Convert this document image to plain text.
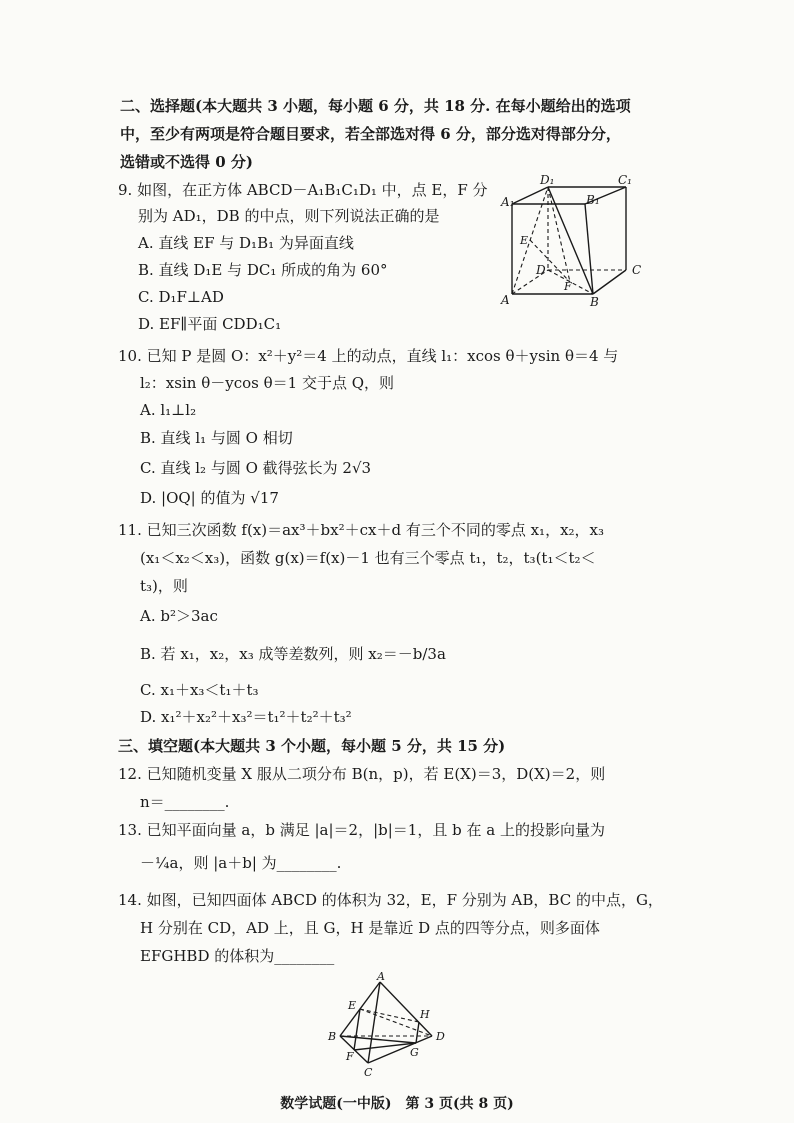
二、选择题(本大题共 3 小题，每小题 6 分，共 18 分. 在每小题给出的选项
中，至少有两项是符合题目要求，若全部选对得 6 分，部分选对得部分分，
选错或不选得 0 分)
9. 如图，在正方体 ABCD－A₁B₁C₁D₁ 中，点 E，F 分
别为 AD₁，DB 的中点，则下列说法正确的是
A. 直线 EF 与 D₁B₁ 为异面直线
B. 直线 D₁E 与 DC₁ 所成的角为 60°
C. D₁F⊥AD
D. EF∥平面 CDD₁C₁
D₁	C₁
A₁	B₁
E
D	C
F
A	B
10. 已知 P 是圆 O：x²＋y²＝4 上的动点，直线 l₁：xcos θ＋ysin θ＝4 与
l₂：xsin θ－ycos θ＝1 交于点 Q，则
A. l₁⊥l₂
B. 直线 l₁ 与圆 O 相切
C. 直线 l₂ 与圆 O 截得弦长为 2√3
D. |OQ| 的值为 √17
11. 已知三次函数 f(x)＝ax³＋bx²＋cx＋d 有三个不同的零点 x₁，x₂，x₃
(x₁＜x₂＜x₃)，函数 g(x)＝f(x)－1 也有三个零点 t₁，t₂，t₃(t₁＜t₂＜
t₃)，则
A. b²＞3ac
B. 若 x₁，x₂，x₃ 成等差数列，则 x₂＝－b/3a
C. x₁＋x₃＜t₁＋t₃
D. x₁²＋x₂²＋x₃²＝t₁²＋t₂²＋t₃²
三、填空题(本大题共 3 个小题，每小题 5 分，共 15 分)
12. 已知随机变量 X 服从二项分布 B(n，p)，若 E(X)＝3，D(X)＝2，则
n＝________.
13. 已知平面向量 a，b 满足 |a|＝2，|b|＝1，且 b 在 a 上的投影向量为
－¼a，则 |a＋b| 为________.
14. 如图，已知四面体 ABCD 的体积为 32，E，F 分别为 AB，BC 的中点，G，
H 分别在 CD，AD 上，且 G，H 是靠近 D 点的四等分点，则多面体
EFGHBD 的体积为________
A
E
H
B	D
F	G
C
数学试题(一中版)　第 3 页(共 8 页)
